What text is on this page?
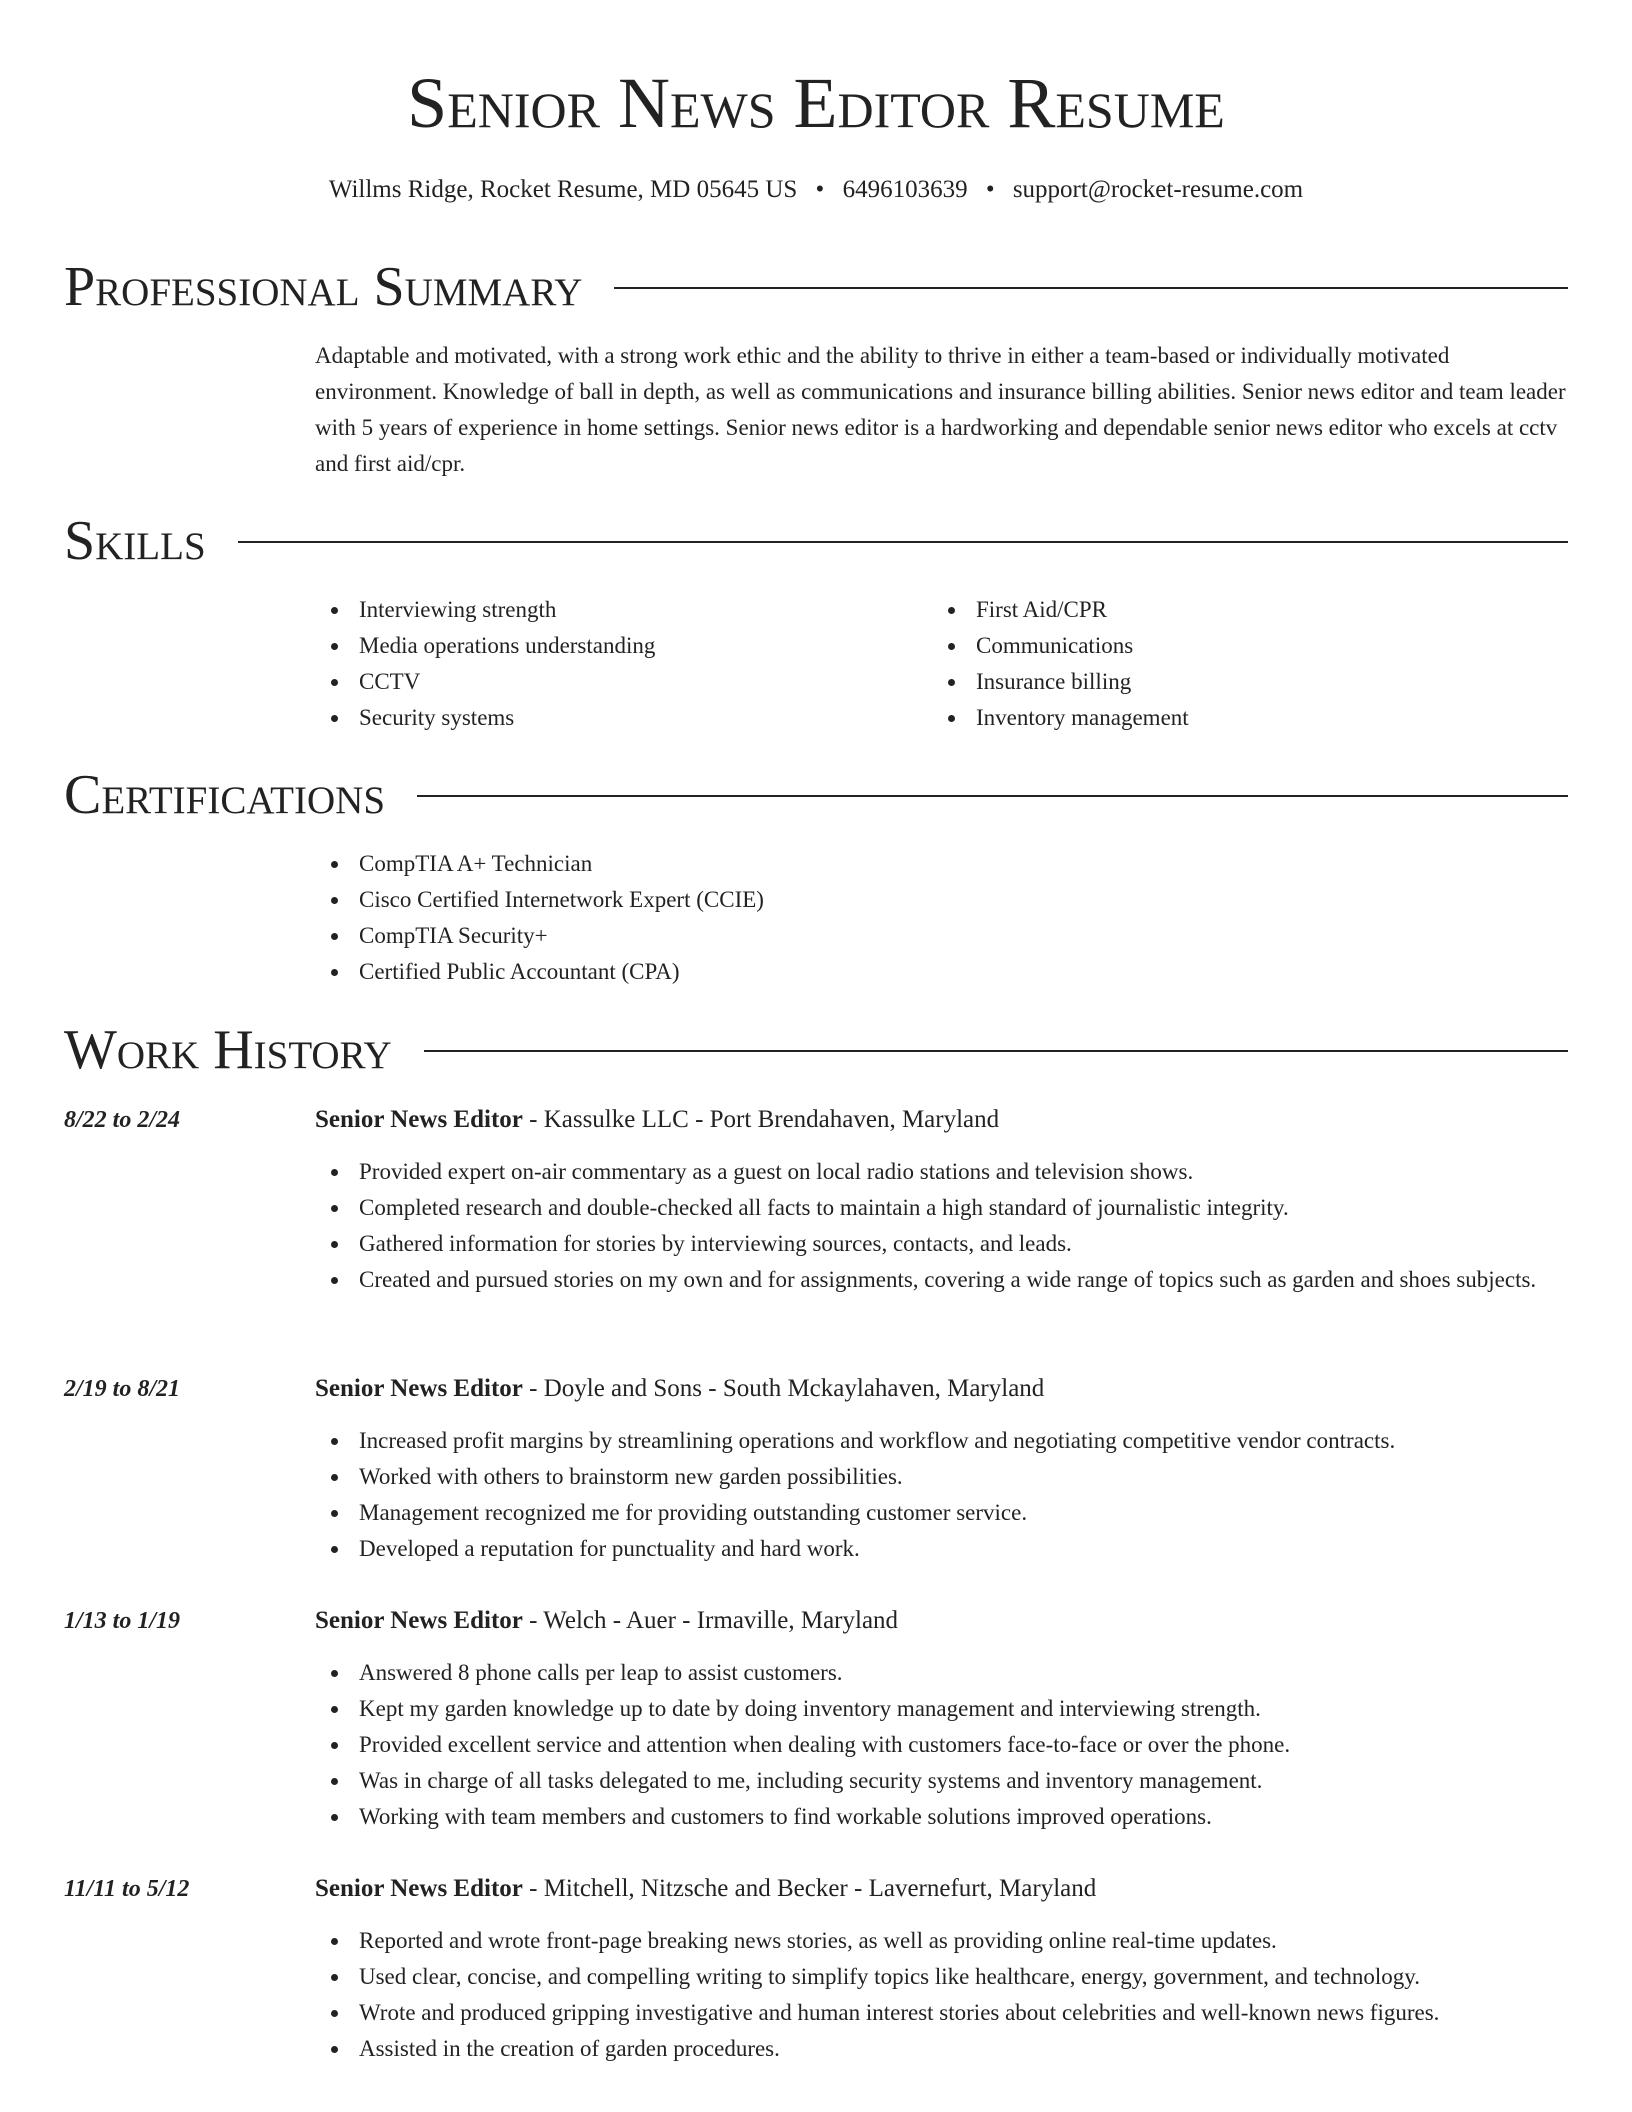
Senior News Editor Resume
Willms Ridge, Rocket Resume, MD 05645 US • 6496103639 • support@rocket-resume.com
Professional Summary

Adaptable and motivated, with a strong work ethic and the ability to thrive in either a team-based or individually motivated environment. Knowledge of ball in depth, as well as communications and insurance billing abilities. Senior news editor and team leader with 5 years of experience in home settings. Senior news editor is a hardworking and dependable senior news editor who excels at cctv and first aid/cpr.

Skills
Interviewing strength
Media operations understanding
CCTV
Security systems
First Aid/CPR
Communications
Insurance billing
Inventory management
Certifications
CompTIA A+ Technician
Cisco Certified Internetwork Expert (CCIE)
CompTIA Security+
Certified Public Accountant (CPA)
Work History
8/22 to 2/24	Senior News Editor - Kassulke LLC - Port Brendahaven, Maryland
Provided expert on-air commentary as a guest on local radio stations and television shows.
Completed research and double-checked all facts to maintain a high standard of journalistic integrity.
Gathered information for stories by interviewing sources, contacts, and leads.
Created and pursued stories on my own and for assignments, covering a wide range of topics such as garden and shoes subjects.
2/19 to 8/21	Senior News Editor - Doyle and Sons - South Mckaylahaven, Maryland
Increased profit margins by streamlining operations and workflow and negotiating competitive vendor contracts.
Worked with others to brainstorm new garden possibilities.
Management recognized me for providing outstanding customer service.
Developed a reputation for punctuality and hard work.
1/13 to 1/19	Senior News Editor - Welch - Auer - Irmaville, Maryland
Answered 8 phone calls per leap to assist customers.
Kept my garden knowledge up to date by doing inventory management and interviewing strength.
Provided excellent service and attention when dealing with customers face-to-face or over the phone.
Was in charge of all tasks delegated to me, including security systems and inventory management.
Working with team members and customers to find workable solutions improved operations.
11/11 to 5/12	Senior News Editor - Mitchell, Nitzsche and Becker - Lavernefurt, Maryland
Reported and wrote front-page breaking news stories, as well as providing online real-time updates.
Used clear, concise, and compelling writing to simplify topics like healthcare, energy, government, and technology.
Wrote and produced gripping investigative and human interest stories about celebrities and well-known news figures.
Assisted in the creation of garden procedures.
